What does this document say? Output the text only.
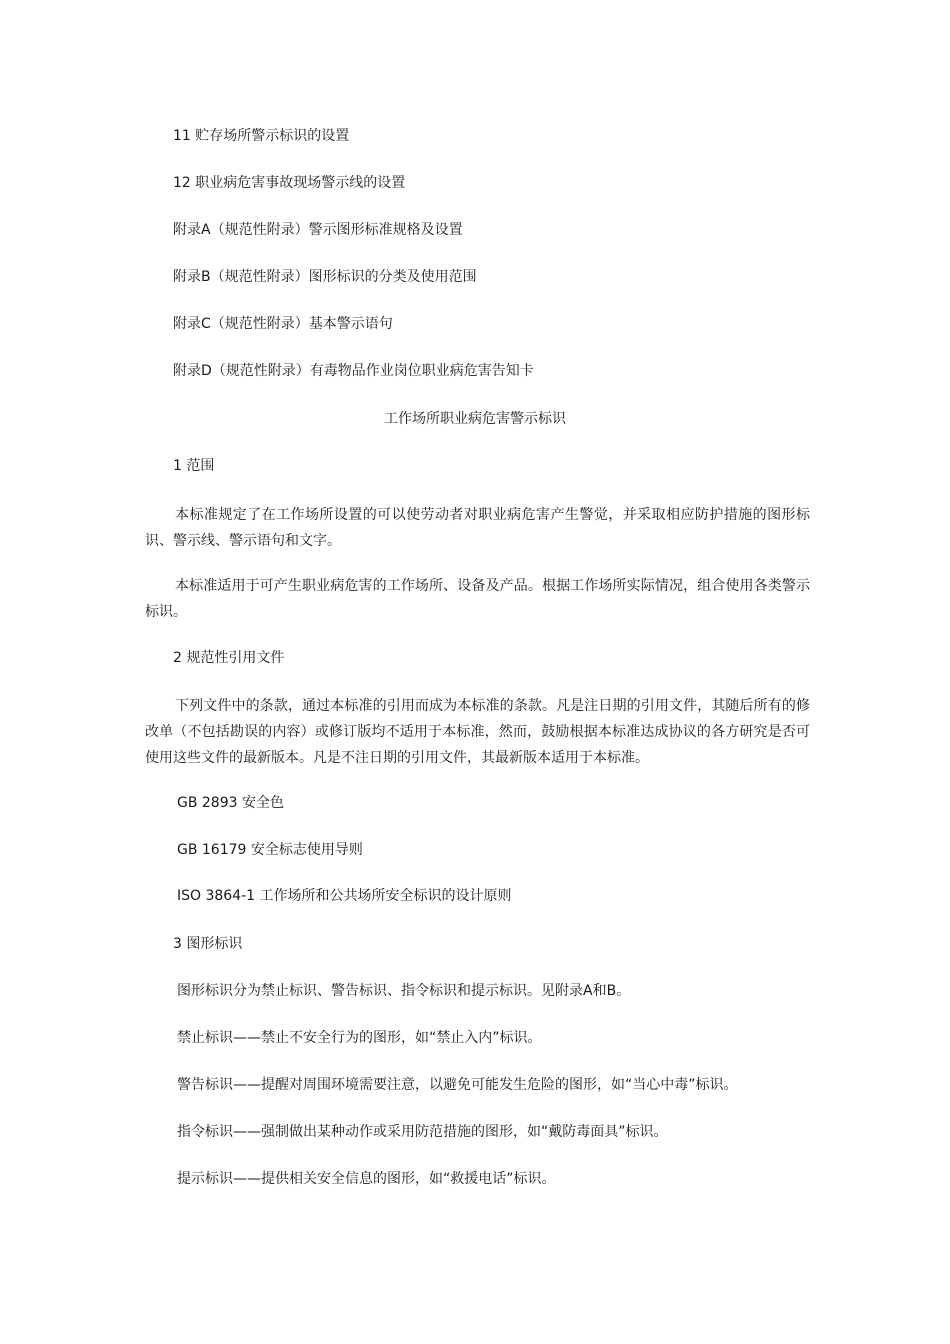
11 贮存场所警示标识的设置
12 职业病危害事故现场警示线的设置
附录A（规范性附录）警示图形标准规格及设置
附录B（规范性附录）图形标识的分类及使用范围
附录C（规范性附录）基本警示语句
附录D（规范性附录）有毒物品作业岗位职业病危害告知卡
工作场所职业病危害警示标识
1 范围
本标准规定了在工作场所设置的可以使劳动者对职业病危害产生警觉，并采取相应防护措施的图形标识、警示线、警示语句和文字。
本标准适用于可产生职业病危害的工作场所、设备及产品。根据工作场所实际情况，组合使用各类警示标识。
2 规范性引用文件
下列文件中的条款，通过本标准的引用而成为本标准的条款。凡是注日期的引用文件，其随后所有的修改单（不包括勘误的内容）或修订版均不适用于本标准，然而，鼓励根据本标准达成协议的各方研究是否可使用这些文件的最新版本。凡是不注日期的引用文件，其最新版本适用于本标准。
GB 2893 安全色
GB 16179 安全标志使用导则
ISO 3864-1 工作场所和公共场所安全标识的设计原则
3 图形标识
图形标识分为禁止标识、警告标识、指令标识和提示标识。见附录A和B。
禁止标识——禁止不安全行为的图形，如“禁止入内”标识。
警告标识——提醒对周围环境需要注意，以避免可能发生危险的图形，如“当心中毒”标识。
指令标识——强制做出某种动作或采用防范措施的图形，如“戴防毒面具”标识。
提示标识——提供相关安全信息的图形，如“救援电话”标识。
